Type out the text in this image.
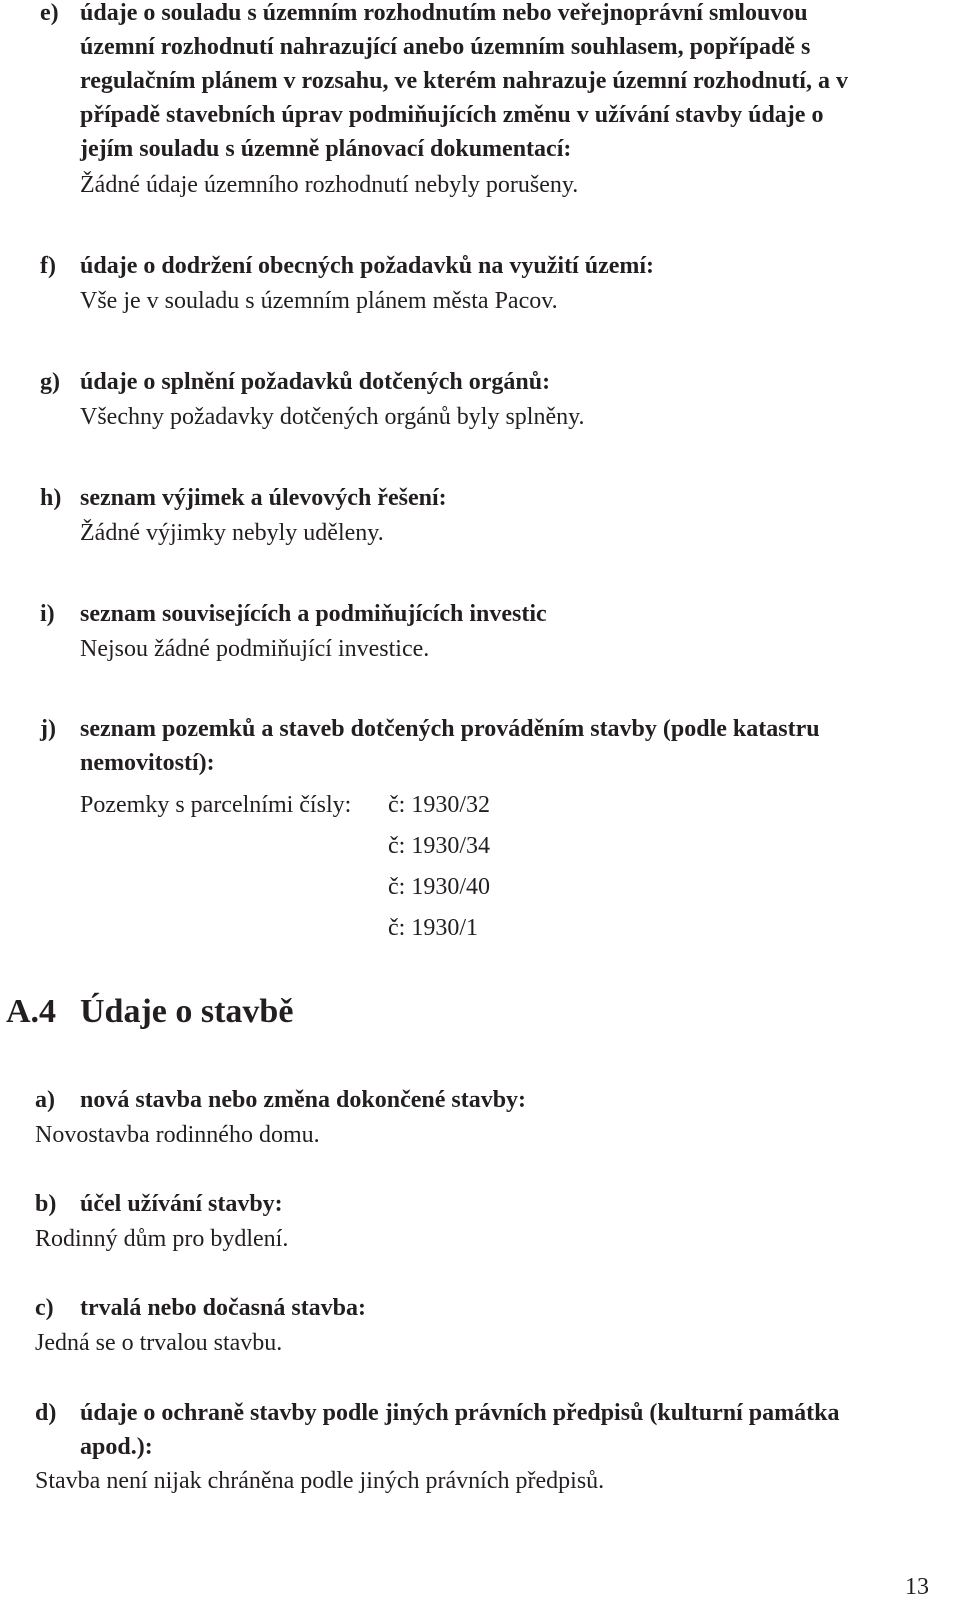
e) údaje o souladu s územním rozhodnutím nebo veřejnoprávní smlouvou
územní rozhodnutí nahrazující anebo územním souhlasem, popřípadě s
regulačním plánem v rozsahu, ve kterém nahrazuje územní rozhodnutí, a v
případě stavebních úprav podmiňujících změnu v užívání stavby údaje o
jejím souladu s územně plánovací dokumentací:
Žádné údaje územního rozhodnutí nebyly porušeny.
f) údaje o dodržení obecných požadavků na využití území:
Vše je v souladu s územním plánem města Pacov.
g) údaje o splnění požadavků dotčených orgánů:
Všechny požadavky dotčených orgánů byly splněny.
h) seznam výjimek a úlevových řešení:
Žádné výjimky nebyly uděleny.
i) seznam souvisejících a podmiňujících investic
Nejsou žádné podmiňující investice.
j) seznam pozemků a staveb dotčených prováděním stavby (podle katastru
nemovitostí):
Pozemky s parcelními čísly: č: 1930/32
č: 1930/34
č: 1930/40
č: 1930/1
A.4 Údaje o stavbě
a) nová stavba nebo změna dokončené stavby:
Novostavba rodinného domu.
b) účel užívání stavby:
Rodinný dům pro bydlení.
c) trvalá nebo dočasná stavba:
Jedná se o trvalou stavbu.
d) údaje o ochraně stavby podle jiných právních předpisů (kulturní památka
apod.):
Stavba není nijak chráněna podle jiných právních předpisů.
13
